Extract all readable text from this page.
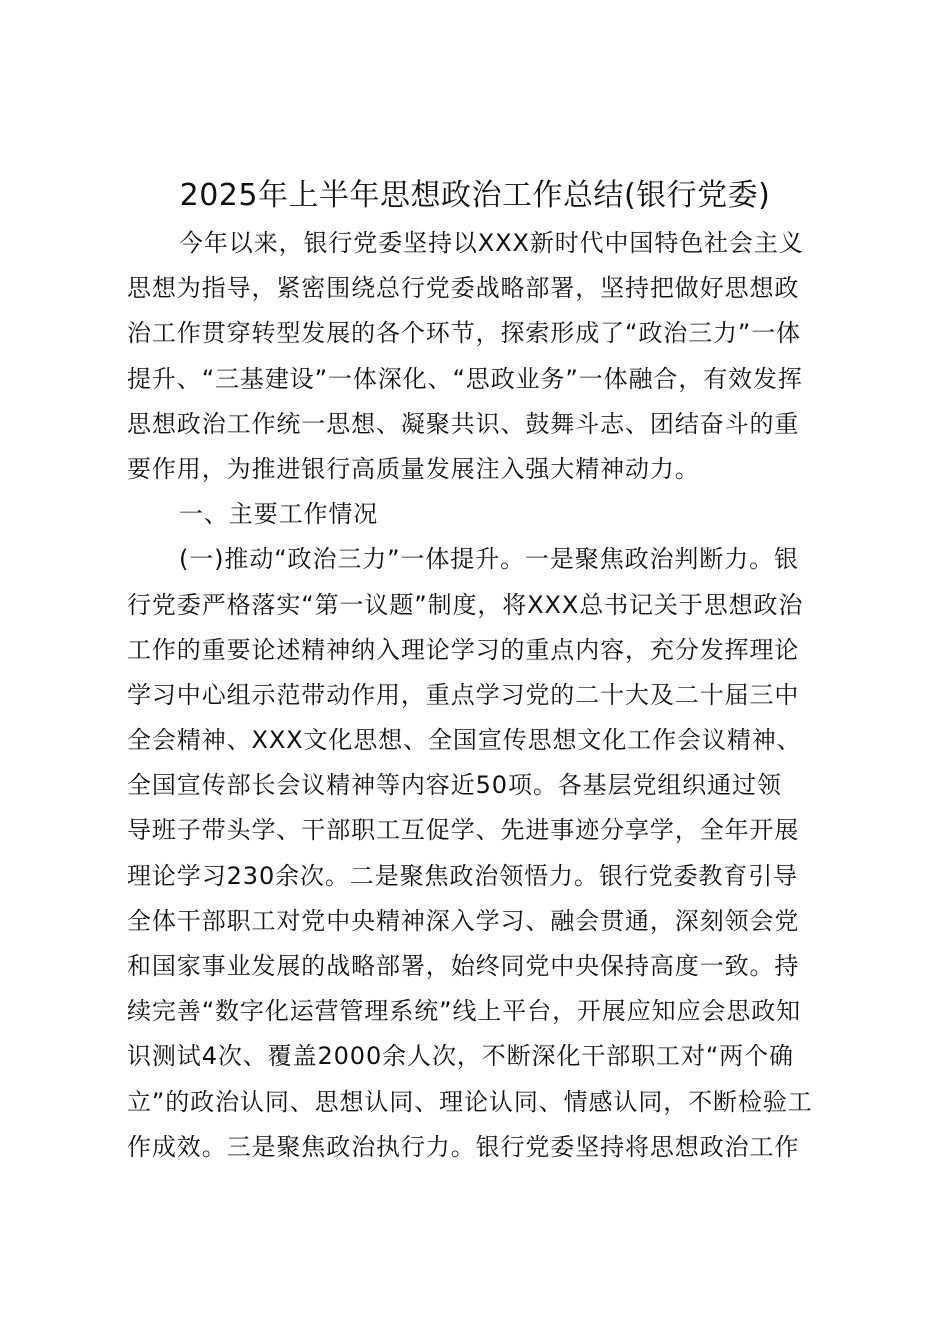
2025年上半年思想政治工作总结(银行党委)
今年以来，银行党委坚持以XXX新时代中国特色社会主义
思想为指导，紧密围绕总行党委战略部署，坚持把做好思想政
治工作贯穿转型发展的各个环节，探索形成了“政治三力”一体
提升、“三基建设”一体深化、“思政业务”一体融合，有效发挥
思想政治工作统一思想、凝聚共识、鼓舞斗志、团结奋斗的重
要作用，为推进银行高质量发展注入强大精神动力。
一、主要工作情况
(一)推动“政治三力”一体提升。一是聚焦政治判断力。银
行党委严格落实“第一议题”制度，将XXX总书记关于思想政治
工作的重要论述精神纳入理论学习的重点内容，充分发挥理论
学习中心组示范带动作用，重点学习党的二十大及二十届三中
全会精神、XXX文化思想、全国宣传思想文化工作会议精神、
全国宣传部长会议精神等内容近50项。各基层党组织通过领
导班子带头学、干部职工互促学、先进事迹分享学，全年开展
理论学习230余次。二是聚焦政治领悟力。银行党委教育引导
全体干部职工对党中央精神深入学习、融会贯通，深刻领会党
和国家事业发展的战略部署，始终同党中央保持高度一致。持
续完善“数字化运营管理系统”线上平台，开展应知应会思政知
识测试4次、覆盖2000余人次，不断深化干部职工对“两个确
立”的政治认同、思想认同、理论认同、情感认同，不断检验工
作成效。三是聚焦政治执行力。银行党委坚持将思想政治工作
